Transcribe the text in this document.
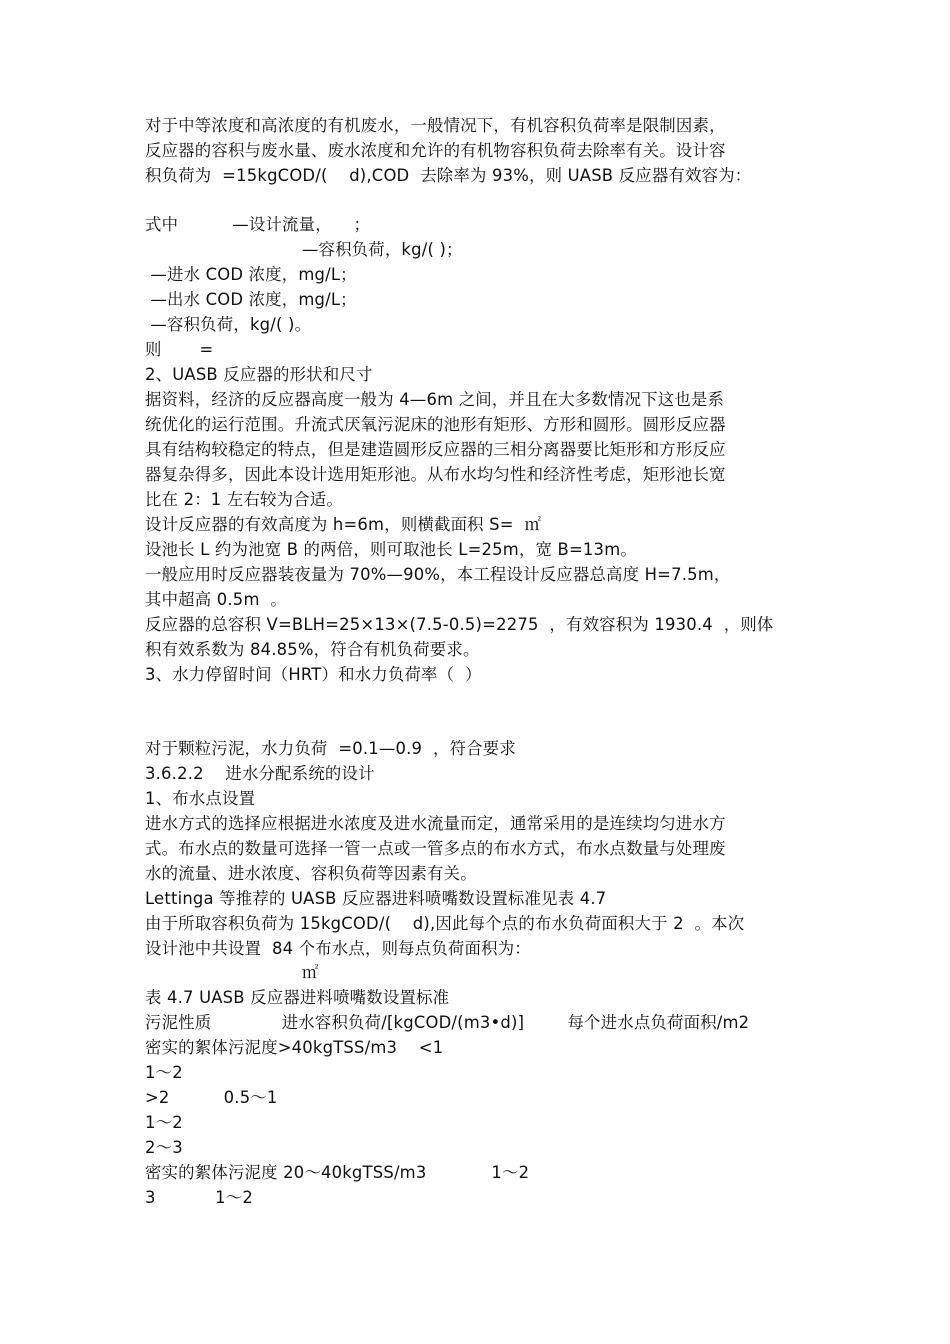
对于中等浓度和高浓度的有机废水，一般情况下，有机容积负荷率是限制因素，

反应器的容积与废水量、废水浓度和允许的有机物容积负荷去除率有关。设计容

积负荷为  =15kgCOD/(    d),COD  去除率为 93%，则 UASB 反应器有效容为：

式中          —设计流量，    ；

—容积负荷，kg/( )；

—进水 COD 浓度，mg/L；

—出水 COD 浓度，mg/L；

—容积负荷，kg/( )。

则       =

2、UASB 反应器的形状和尺寸

据资料，经济的反应器高度一般为 4—6m 之间，并且在大多数情况下这也是系

统优化的运行范围。升流式厌氧污泥床的池形有矩形、方形和圆形。圆形反应器

具有结构较稳定的特点，但是建造圆形反应器的三相分离器要比矩形和方形反应

器复杂得多，因此本设计选用矩形池。从布水均匀性和经济性考虑，矩形池长宽

比在 2：1 左右较为合适。

设计反应器的有效高度为 h=6m，则横截面积 S=  ㎡

设池长 L 约为池宽 B 的两倍，则可取池长 L=25m，宽 B=13m。

一般应用时反应器装夜量为 70%—90%，本工程设计反应器总高度 H=7.5m，

其中超高 0.5m  。

反应器的总容积 V=BLH=25×13×(7.5-0.5)=2275  ，有效容积为 1930.4  ，则体

积有效系数为 84.85%，符合有机负荷要求。

3、水力停留时间（HRT）和水力负荷率（  ）

对于颗粒污泥，水力负荷  =0.1—0.9  ，符合要求

3.6.2.2    进水分配系统的设计

1、布水点设置

进水方式的选择应根据进水浓度及进水流量而定，通常采用的是连续均匀进水方

式。布水点的数量可选择一管一点或一管多点的布水方式，布水点数量与处理废

水的流量、进水浓度、容积负荷等因素有关。

Lettinga 等推荐的 UASB 反应器进料喷嘴数设置标准见表 4.7

由于所取容积负荷为 15kgCOD/(    d),因此每个点的布水负荷面积大于 2  。本次

设计池中共设置  84 个布水点，则每点负荷面积为：

㎡

表 4.7 UASB 反应器进料喷嘴数设置标准

污泥性质             进水容积负荷/[kgCOD/(m3•d)]        每个进水点负荷面积/m2

密实的絮体污泥度>40kgTSS/m3    <1

1～2

>2          0.5～1

1～2

2～3

密实的絮体污泥度 20～40kgTSS/m3            1～2

3           1～2
